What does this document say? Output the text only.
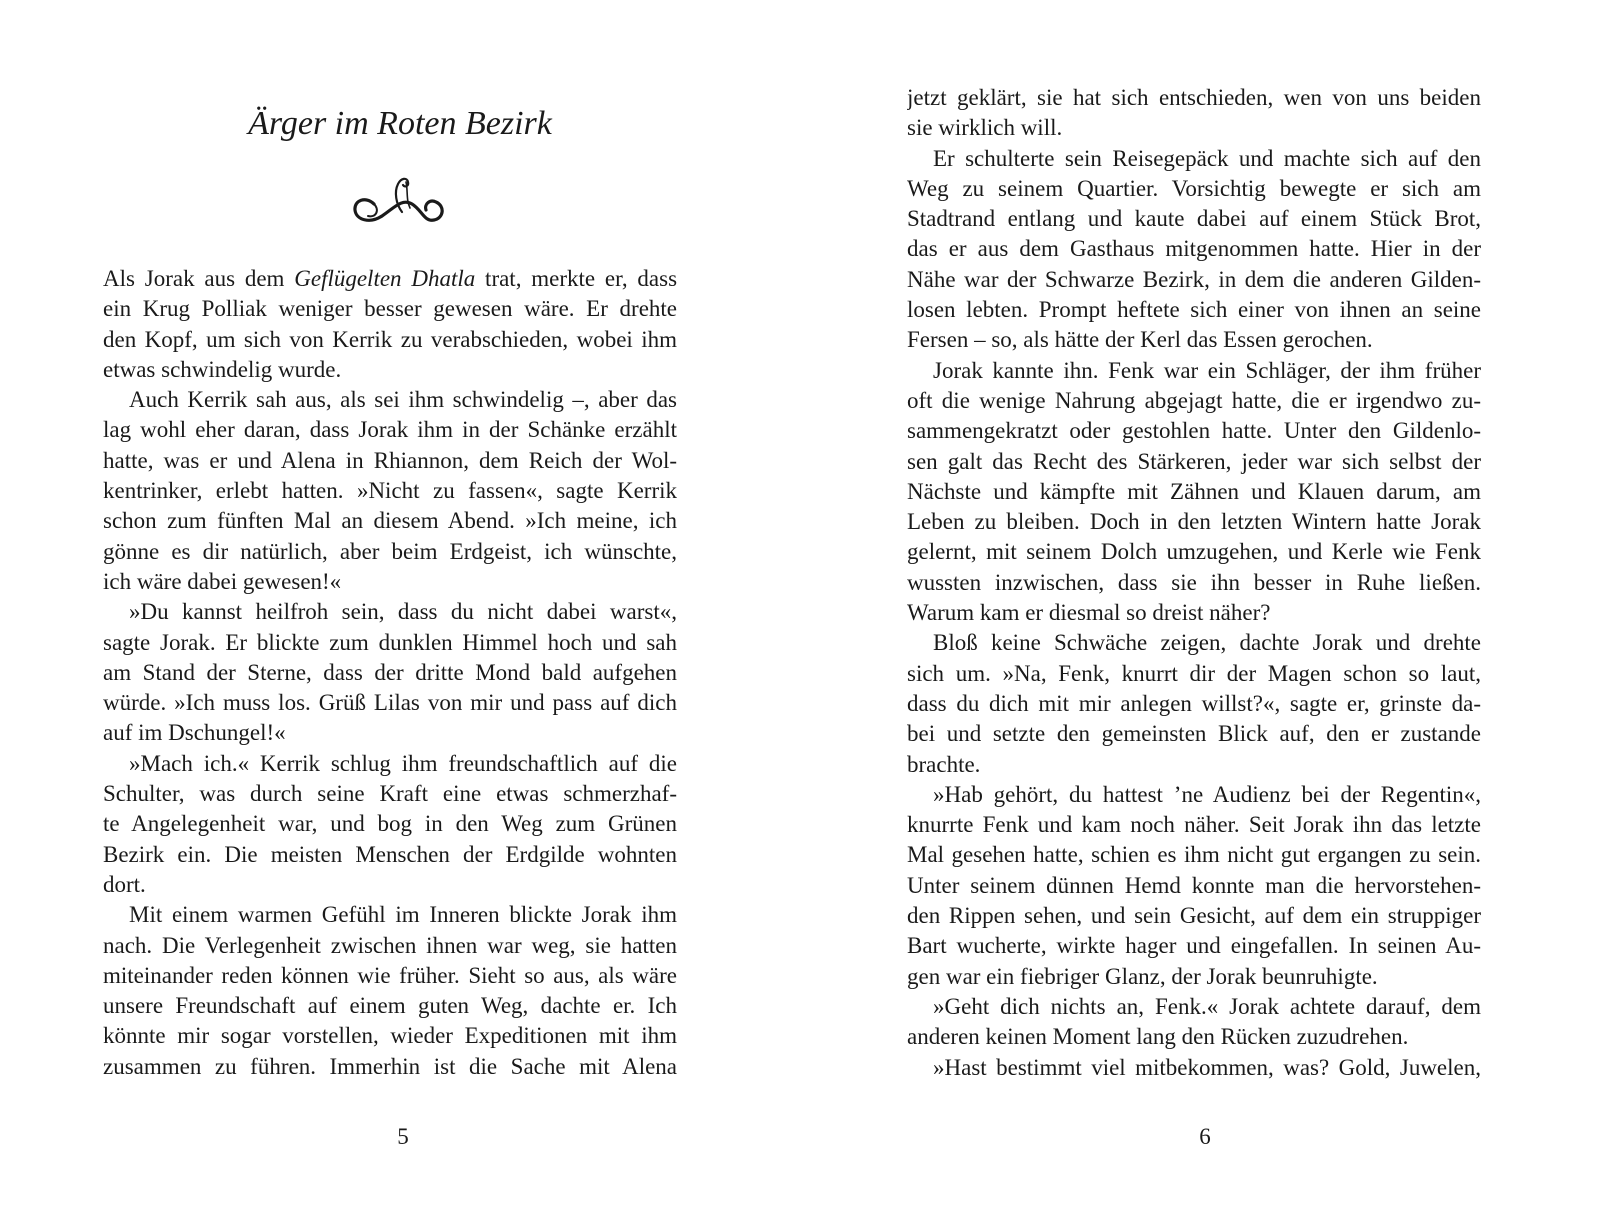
Ärger im Roten Bezirk
Als Jorak aus dem Geflügelten Dhatla trat, merkte er, dass
ein Krug Polliak weniger besser gewesen wäre. Er drehte
den Kopf, um sich von Kerrik zu verabschieden, wobei ihm
etwas schwindelig wurde.
Auch Kerrik sah aus, als sei ihm schwindelig –, aber das
lag wohl eher daran, dass Jorak ihm in der Schänke erzählt
hatte, was er und Alena in Rhiannon, dem Reich der Wol-
kentrinker, erlebt hatten. »Nicht zu fassen«, sagte Kerrik
schon zum fünften Mal an diesem Abend. »Ich meine, ich
gönne es dir natürlich, aber beim Erdgeist, ich wünschte,
ich wäre dabei gewesen!«
»Du kannst heilfroh sein, dass du nicht dabei warst«,
sagte Jorak. Er blickte zum dunklen Himmel hoch und sah
am Stand der Sterne, dass der dritte Mond bald aufgehen
würde. »Ich muss los. Grüß Lilas von mir und pass auf dich
auf im Dschungel!«
»Mach ich.« Kerrik schlug ihm freundschaftlich auf die
Schulter, was durch seine Kraft eine etwas schmerzhaf-
te Angelegenheit war, und bog in den Weg zum Grünen
Bezirk ein. Die meisten Menschen der Erdgilde wohnten
dort.
Mit einem warmen Gefühl im Inneren blickte Jorak ihm
nach. Die Verlegenheit zwischen ihnen war weg, sie hatten
miteinander reden können wie früher. Sieht so aus, als wäre
unsere Freundschaft auf einem guten Weg, dachte er. Ich
könnte mir sogar vorstellen, wieder Expeditionen mit ihm
zusammen zu führen. Immerhin ist die Sache mit Alena
5
jetzt geklärt, sie hat sich entschieden, wen von uns beiden
sie wirklich will.
Er schulterte sein Reisegepäck und machte sich auf den
Weg zu seinem Quartier. Vorsichtig bewegte er sich am
Stadtrand entlang und kaute dabei auf einem Stück Brot,
das er aus dem Gasthaus mitgenommen hatte. Hier in der
Nähe war der Schwarze Bezirk, in dem die anderen Gilden-
losen lebten. Prompt heftete sich einer von ihnen an seine
Fersen – so, als hätte der Kerl das Essen gerochen.
Jorak kannte ihn. Fenk war ein Schläger, der ihm früher
oft die wenige Nahrung abgejagt hatte, die er irgendwo zu-
sammengekratzt oder gestohlen hatte. Unter den Gildenlo-
sen galt das Recht des Stärkeren, jeder war sich selbst der
Nächste und kämpfte mit Zähnen und Klauen darum, am
Leben zu bleiben. Doch in den letzten Wintern hatte Jorak
gelernt, mit seinem Dolch umzugehen, und Kerle wie Fenk
wussten inzwischen, dass sie ihn besser in Ruhe ließen.
Warum kam er diesmal so dreist näher?
Bloß keine Schwäche zeigen, dachte Jorak und drehte
sich um. »Na, Fenk, knurrt dir der Magen schon so laut,
dass du dich mit mir anlegen willst?«, sagte er, grinste da-
bei und setzte den gemeinsten Blick auf, den er zustande
brachte.
»Hab gehört, du hattest ’ne Audienz bei der Regentin«,
knurrte Fenk und kam noch näher. Seit Jorak ihn das letzte
Mal gesehen hatte, schien es ihm nicht gut ergangen zu sein.
Unter seinem dünnen Hemd konnte man die hervorstehen-
den Rippen sehen, und sein Gesicht, auf dem ein struppiger
Bart wucherte, wirkte hager und eingefallen. In seinen Au-
gen war ein fiebriger Glanz, der Jorak beunruhigte.
»Geht dich nichts an, Fenk.« Jorak achtete darauf, dem
anderen keinen Moment lang den Rücken zuzudrehen.
»Hast bestimmt viel mitbekommen, was? Gold, Juwelen,
6
